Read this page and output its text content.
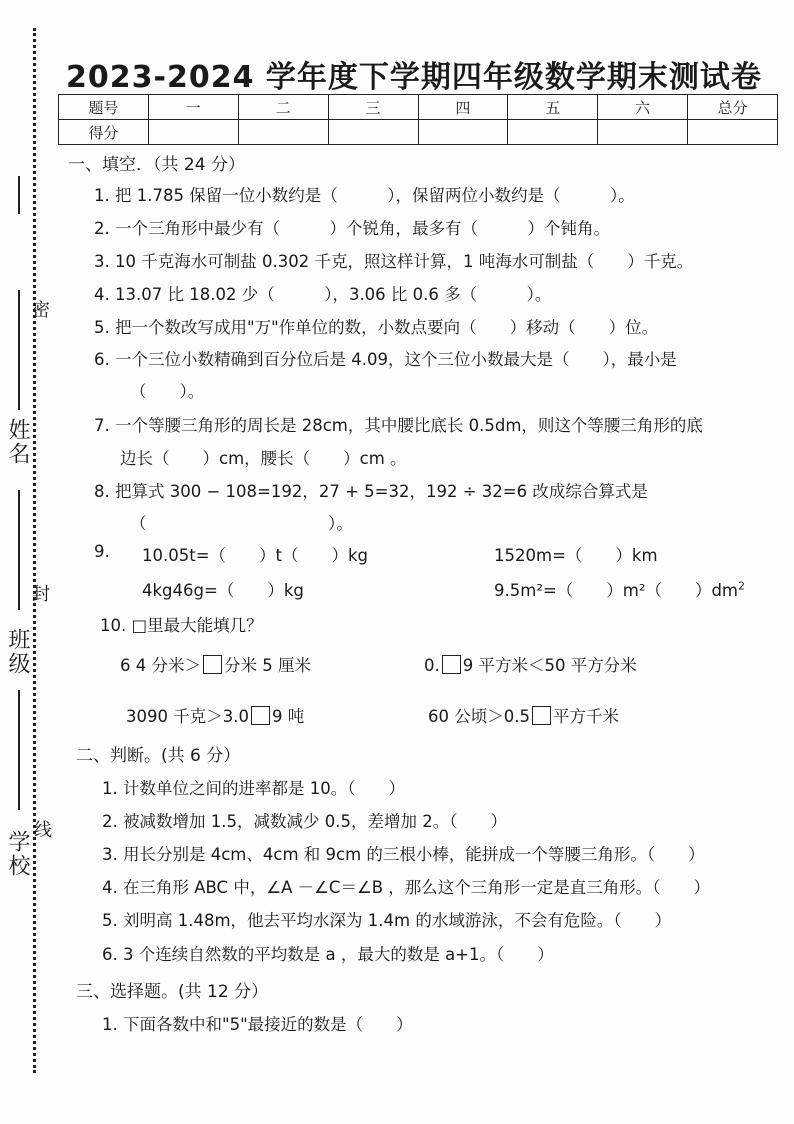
姓名
班级
学校
密
封
线
2023-2024 学年度下学期四年级数学期末测试卷
题号	一	二	三	四	五	六	总分
得分							
一、填空．（共 24 分）
1. 把 1.785 保留一位小数约是（　　　），保留两位小数约是（　　　）。
2. 一个三角形中最少有（　　　）个锐角，最多有（　　　）个钝角。
3. 10 千克海水可制盐 0.302 千克，照这样计算，1 吨海水可制盐（　　）千克。
4. 13.07 比 18.02 少（　　　），3.06 比 0.6 多（　　　）。
5. 把一个数改写成用"万"作单位的数，小数点要向（　　）移动（　　）位。
6. 一个三位小数精确到百分位后是 4.09，这个三位小数最大是（　　），最小是
（　　）。
7. 一个等腰三角形的周长是 28cm，其中腰比底长 0.5dm，则这个等腰三角形的底
边长（　　）cm，腰长（　　）cm 。
8. 把算式 300 − 108=192，27 + 5=32，192 ÷ 32=6 改成综合算式是
（　　　　　　　　　　　）。
9. 10.05t=（　　）t（　　）kg	1520m=（　　）km
4kg46g=（　　）kg	9.5m²=（　　）m²（　　）$dm^2$
10. □里最大能填几？
6 4 分米＞ 分米 5 厘米	0. 9 平方米＜50 平方分米
3090 千克＞3.0 9 吨	60 公顷＞0.5 平方千米
二、判断。(共 6 分）
1. 计数单位之间的进率都是 10。（　　）
2. 被减数增加 1.5，减数减少 0.5，差增加 2。（　　）
3. 用长分别是 4cm、4cm 和 9cm 的三根小棒，能拼成一个等腰三角形。（　　）
4. 在三角形 ABC 中，∠A －∠C＝∠B ，那么这个三角形一定是直三角形。（　　）
5. 刘明高 1.48m，他去平均水深为 1.4m 的水域游泳，不会有危险。（　　）
6. 3 个连续自然数的平均数是 a ，最大的数是 a+1。（　　）
三、选择题。(共 12 分）
1. 下面各数中和"5"最接近的数是（　　）
